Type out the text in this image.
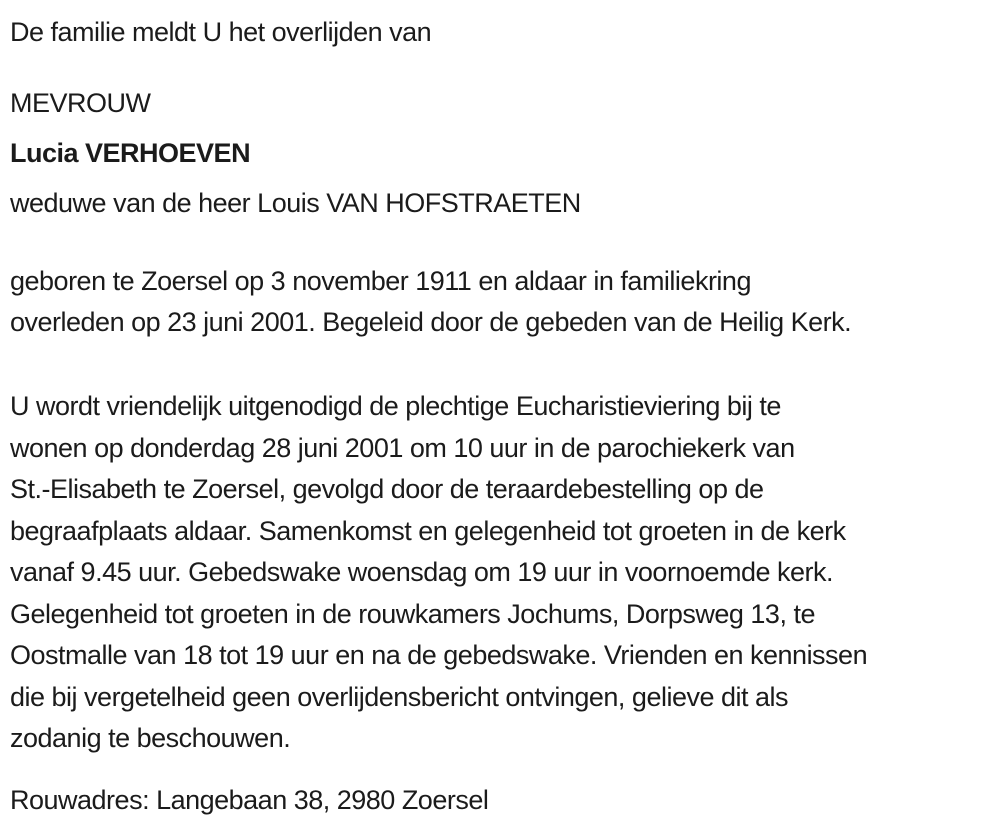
De familie meldt U het overlijden van

MEVROUW

Lucia VERHOEVEN

weduwe van de heer Louis VAN HOFSTRAETEN

geboren te Zoersel op 3 november 1911 en aldaar in familiekring

overleden op 23 juni 2001. Begeleid door de gebeden van de Heilig Kerk.

U wordt vriendelijk uitgenodigd de plechtige Eucharistieviering bij te

wonen op donderdag 28 juni 2001 om 10 uur in de parochiekerk van

St.-Elisabeth te Zoersel, gevolgd door de teraardebestelling op de

begraafplaats aldaar. Samenkomst en gelegenheid tot groeten in de kerk

vanaf 9.45 uur. Gebedswake woensdag om 19 uur in voornoemde kerk.

Gelegenheid tot groeten in de rouwkamers Jochums, Dorpsweg 13, te

Oostmalle van 18 tot 19 uur en na de gebedswake. Vrienden en kennissen

die bij vergetelheid geen overlijdensbericht ontvingen, gelieve dit als

zodanig te beschouwen.

Rouwadres: Langebaan 38, 2980 Zoersel
